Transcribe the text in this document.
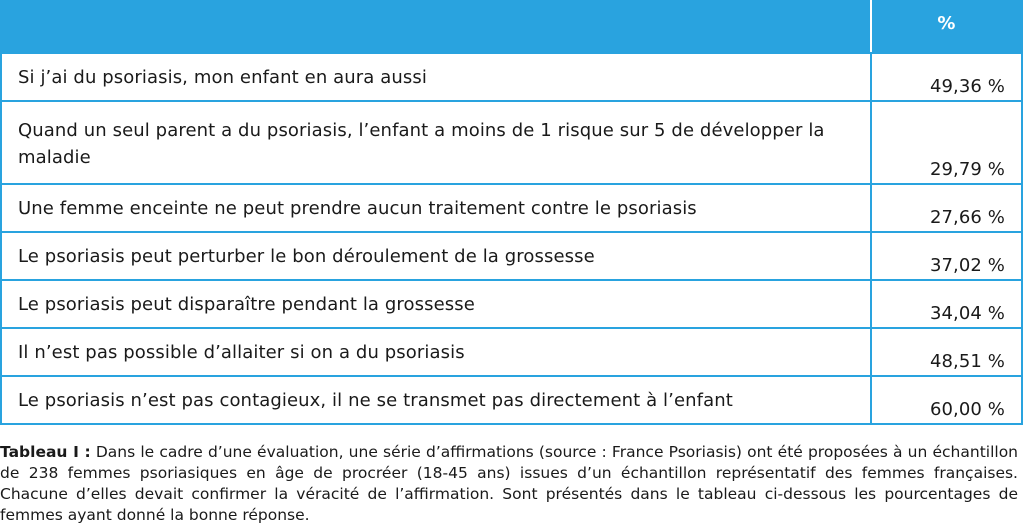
	%
Si j’ai du psoriasis, mon enfant en aura aussi	49,36 %
Quand un seul parent a du psoriasis, l’enfant a moins de 1 risque sur 5 de développer la maladie	29,79 %
Une femme enceinte ne peut prendre aucun traitement contre le psoriasis	27,66 %
Le psoriasis peut perturber le bon déroulement de la grossesse	37,02 %
Le psoriasis peut disparaître pendant la grossesse	34,04 %
Il n’est pas possible d’allaiter si on a du psoriasis	48,51 %
Le psoriasis n’est pas contagieux, il ne se transmet pas directement à l’enfant	60,00 %

Tableau I : Dans le cadre d’une évaluation, une série d’affirmations (source : France Psoriasis) ont été proposées à un échantillon de 238 femmes psoriasiques en âge de procréer (18-45 ans) issues d’un échantillon représentatif des femmes françaises. Chacune d’elles devait confirmer la véracité de l’affirmation. Sont présentés dans le tableau ci-dessous les pourcentages de femmes ayant donné la bonne réponse.
